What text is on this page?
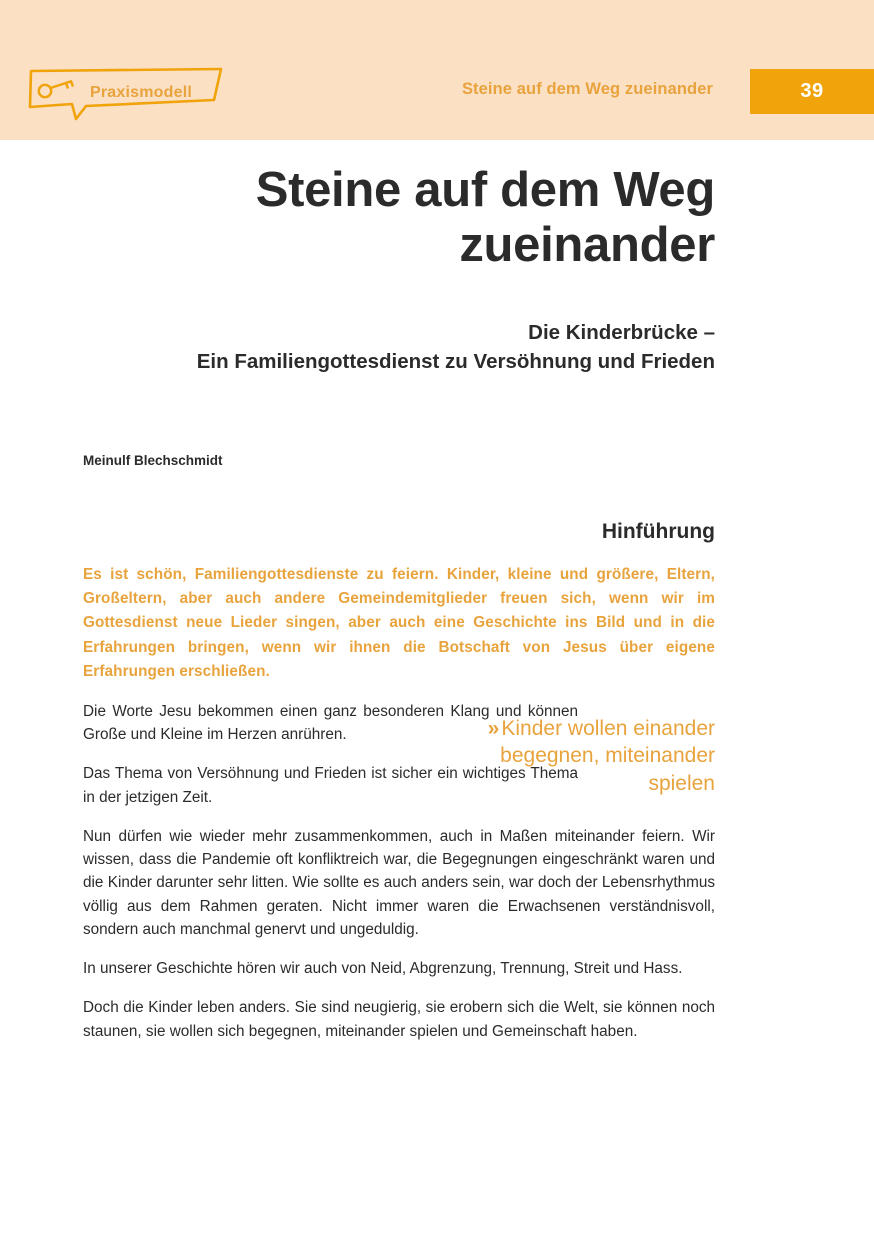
Praxismodell	Steine auf dem Weg zueinander	39
Steine auf dem Weg zueinander
Die Kinderbrücke –
Ein Familiengottesdienst zu Versöhnung und Frieden
Meinulf Blechschmidt
Hinführung
Es ist schön, Familiengottesdienste zu feiern. Kinder, kleine und größere, Eltern, Großeltern, aber auch andere Gemeindemitglieder freuen sich, wenn wir im Gottesdienst neue Lieder singen, aber auch eine Geschichte ins Bild und in die Erfahrungen bringen, wenn wir ihnen die Botschaft von Jesus über eigene Erfahrungen erschließen.

Die Worte Jesu bekommen einen ganz besonderen Klang und können Große und Kleine im Herzen anrühren.

Das Thema von Versöhnung und Frieden ist sicher ein wichtiges Thema in der jetzigen Zeit.

Nun dürfen wie wieder mehr zusammenkommen, auch in Maßen miteinander feiern. Wir wissen, dass die Pandemie oft konfliktreich war, die Begegnungen eingeschränkt waren und die Kinder darunter sehr litten. Wie sollte es auch anders sein, war doch der Lebensrhythmus völlig aus dem Rahmen geraten. Nicht immer waren die Erwachsenen verständnisvoll, sondern auch manchmal genervt und ungeduldig.

In unserer Geschichte hören wir auch von Neid, Abgrenzung, Trennung, Streit und Hass.

Doch die Kinder leben anders. Sie sind neugierig, sie erobern sich die Welt, sie können noch staunen, sie wollen sich begegnen, miteinander spielen und Gemeinschaft haben.

»Kinder wollen einander begegnen, miteinander spielen
